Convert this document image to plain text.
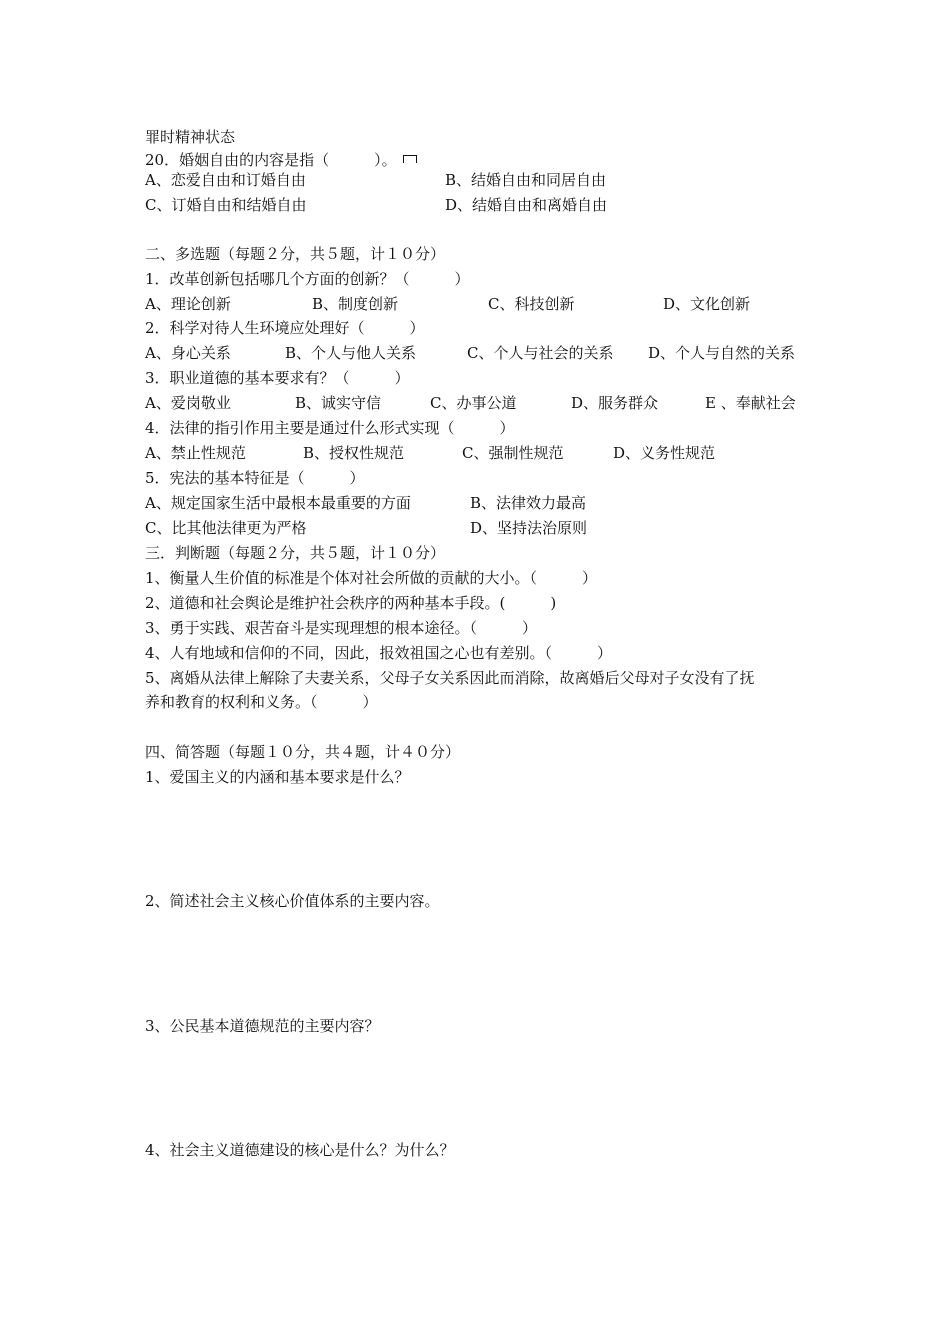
罪时精神状态
20．婚姻自由的内容是指（　　　）。
A、恋爱自由和订婚自由	B、结婚自由和同居自由
C、订婚自由和结婚自由	D、结婚自由和离婚自由
二、多选题（每题２分，共５题，计１０分）
1．改革创新包括哪几个方面的创新？（　　　）
A、理论创新	B、制度创新	C、科技创新	D、文化创新
2．科学对待人生环境应处理好（　　　）
A、身心关系	B、个人与他人关系	C、个人与社会的关系 D、个人与自然的关系
3．职业道德的基本要求有？（　　　）
A、爱岗敬业	B、诚实守信	C、办事公道	D、服务群众	E 、奉献社会
4．法律的指引作用主要是通过什么形式实现（　　　）
A、禁止性规范	B、授权性规范	C、强制性规范	D、义务性规范
5．宪法的基本特征是（　　　）
A、规定国家生活中最根本最重要的方面	B、法律效力最高
C、比其他法律更为严格	D、坚持法治原则
三．判断题（每题２分，共５题，计１０分）
1、衡量人生价值的标准是个体对社会所做的贡献的大小。（　　　）
2、道德和社会舆论是维护社会秩序的两种基本手段。(　　　)
3、勇于实践、艰苦奋斗是实现理想的根本途径。（　　　）
4、人有地域和信仰的不同，因此，报效祖国之心也有差别。（　　　）
5、离婚从法律上解除了夫妻关系，父母子女关系因此而消除，故离婚后父母对子女没有了抚
养和教育的权利和义务。（　　　）
四、简答题（每题１０分，共４题，计４０分）
1、爱国主义的内涵和基本要求是什么？
2、简述社会主义核心价值体系的主要内容。
3、公民基本道德规范的主要内容？
4、社会主义道德建设的核心是什么？为什么？
